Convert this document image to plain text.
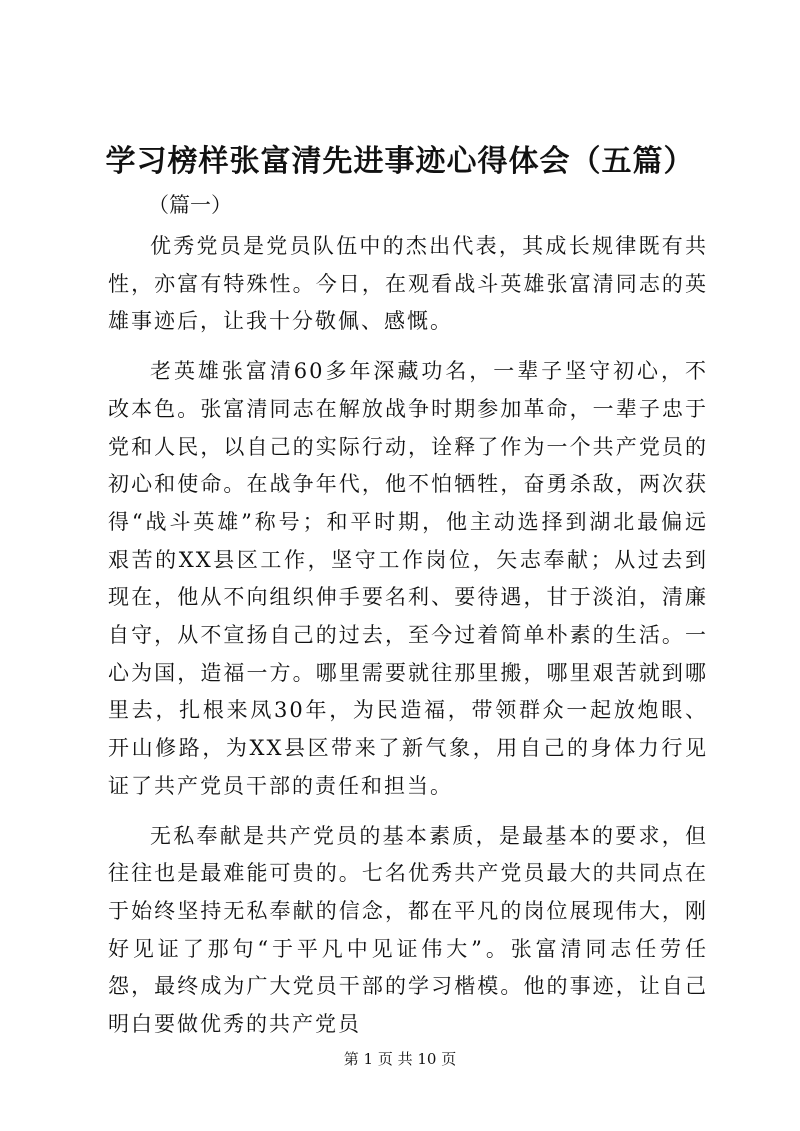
学习榜样张富清先进事迹心得体会（五篇）
（篇一）

优秀党员是党员队伍中的杰出代表，其成长规律既有共性，亦富有特殊性。今日，在观看战斗英雄张富清同志的英雄事迹后，让我十分敬佩、感慨。

老英雄张富清60多年深藏功名，一辈子坚守初心，不改本色。张富清同志在解放战争时期参加革命，一辈子忠于党和人民，以自己的实际行动，诠释了作为一个共产党员的初心和使命。在战争年代，他不怕牺牲，奋勇杀敌，两次获得“战斗英雄”称号；和平时期，他主动选择到湖北最偏远艰苦的XX县区工作，坚守工作岗位，矢志奉献；从过去到现在，他从不向组织伸手要名利、要待遇，甘于淡泊，清廉自守，从不宣扬自己的过去，至今过着简单朴素的生活。一心为国，造福一方。哪里需要就往那里搬，哪里艰苦就到哪里去，扎根来凤30年，为民造福，带领群众一起放炮眼、开山修路，为XX县区带来了新气象，用自己的身体力行见证了共产党员干部的责任和担当。

无私奉献是共产党员的基本素质，是最基本的要求，但往往也是最难能可贵的。七名优秀共产党员最大的共同点在于始终坚持无私奉献的信念，都在平凡的岗位展现伟大，刚好见证了那句“于平凡中见证伟大”。张富清同志任劳任怨，最终成为广大党员干部的学习楷模。他的事迹，让自己明白要做优秀的共产党员

第 1 页 共 10 页
